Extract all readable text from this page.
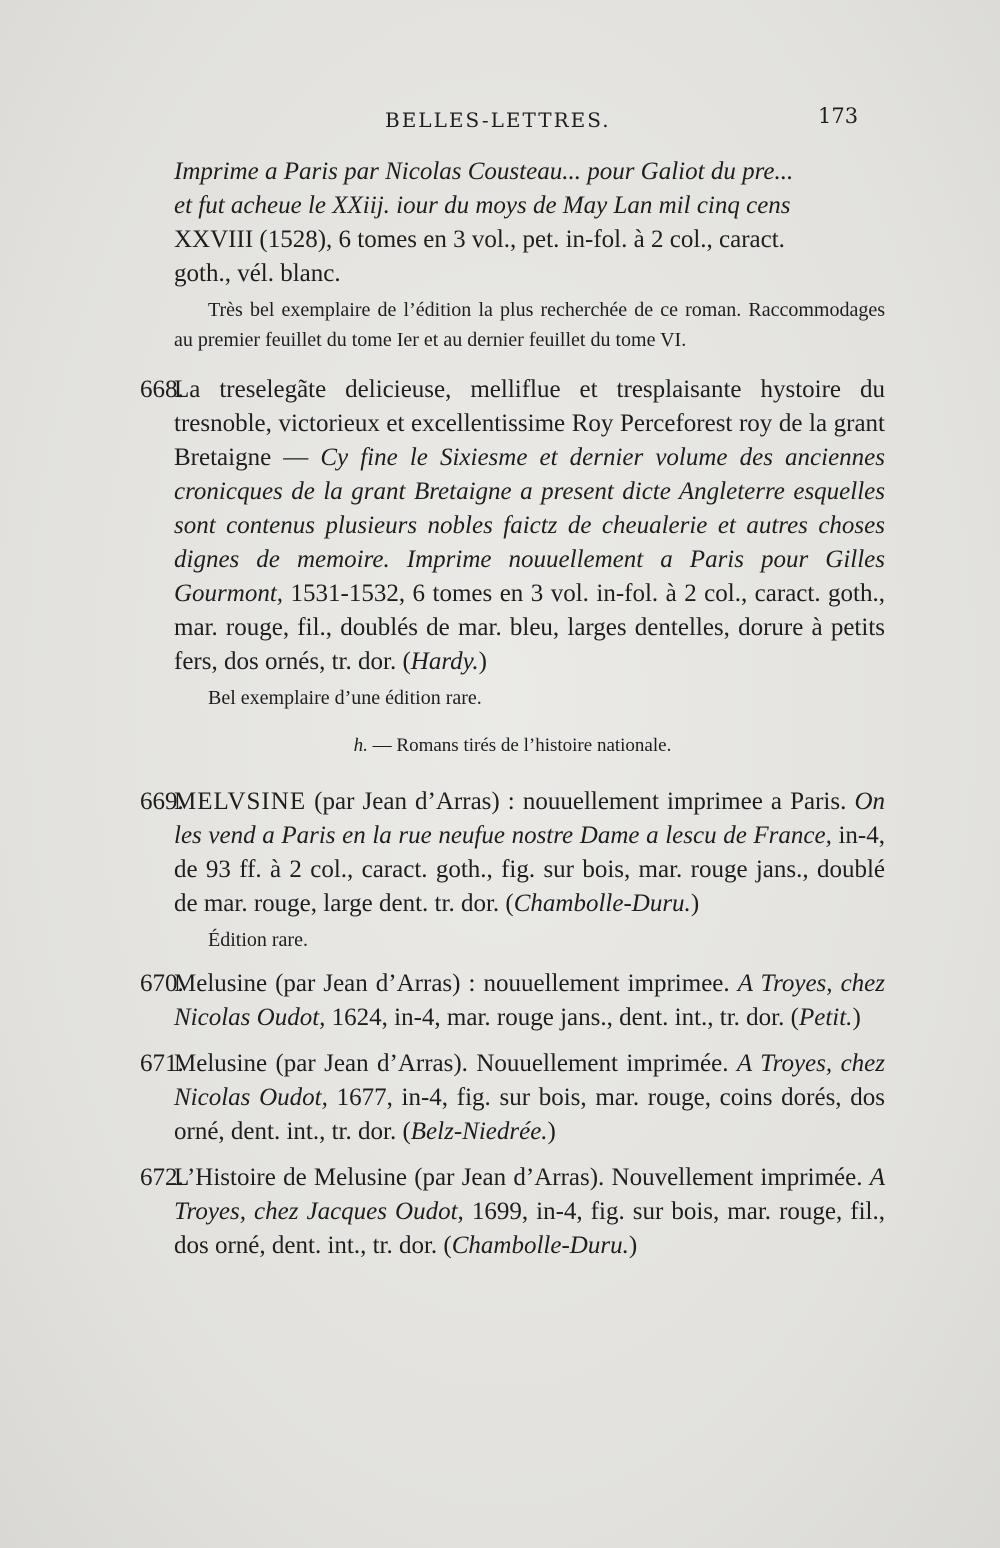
BELLES-LETTRES.	173
Imprime a Paris par Nicolas Cousteau... pour Galiot du pre...
et fut acheue le XXiij. iour du moys de May Lan mil cinq cens
XXVIII (1528), 6 tomes en 3 vol., pet. in-fol. à 2 col., caract.
goth., vél. blanc.
Très bel exemplaire de l’édition la plus recherchée de ce roman. Raccommodages au premier feuillet du tome Ier et au dernier feuillet du tome VI.
668.
La treselegãte delicieuse, melliflue et tresplaisante hystoire du tresnoble, victorieux et excellentissime Roy Perceforest roy de la grant Bretaigne — Cy fine le Sixiesme et dernier volume des anciennes cronicques de la grant Bretaigne a present dicte Angleterre esquelles sont contenus plusieurs nobles faictz de cheualerie et autres choses dignes de memoire. Imprime nouuellement a Paris pour Gilles Gourmont, 1531-1532, 6 tomes en 3 vol. in-fol. à 2 col., caract. goth., mar. rouge, fil., doublés de mar. bleu, larges dentelles, dorure à petits fers, dos ornés, tr. dor. (Hardy.)
Bel exemplaire d’une édition rare.
h. — Romans tirés de l’histoire nationale.
669.
MELVSINE (par Jean d’Arras) : nouuellement imprimee a Paris. On les vend a Paris en la rue neufue nostre Dame a lescu de France, in-4, de 93 ff. à 2 col., caract. goth., fig. sur bois, mar. rouge jans., doublé de mar. rouge, large dent. tr. dor. (Chambolle-Duru.)
Édition rare.
670.
Melusine (par Jean d’Arras) : nouuellement imprimee. A Troyes, chez Nicolas Oudot, 1624, in-4, mar. rouge jans., dent. int., tr. dor. (Petit.)
671.
Melusine (par Jean d’Arras). Nouuellement imprimée. A Troyes, chez Nicolas Oudot, 1677, in-4, fig. sur bois, mar. rouge, coins dorés, dos orné, dent. int., tr. dor. (Belz-Niedrée.)
672.
L’Histoire de Melusine (par Jean d’Arras). Nouvellement imprimée. A Troyes, chez Jacques Oudot, 1699, in-4, fig. sur bois, mar. rouge, fil., dos orné, dent. int., tr. dor. (Chambolle-Duru.)
